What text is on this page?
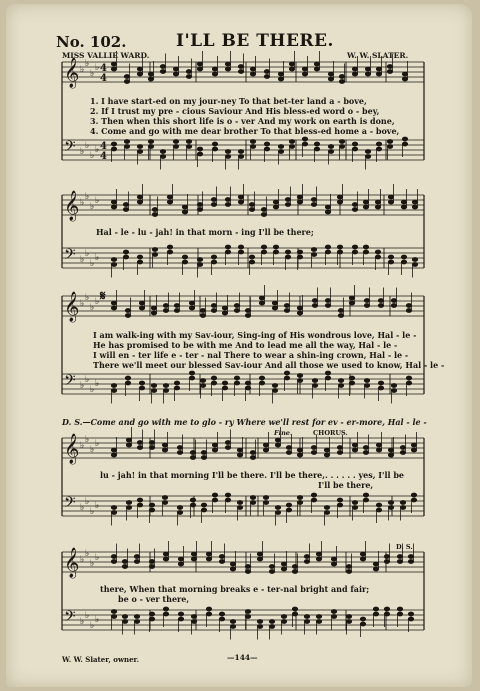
No. 102.	I'LL BE THERE.
MISS VALLIE WARD.	W. W. SLATER.
𝄞
𝄢
♭
♭
♭
♭
♭
♭
♭
♭
4
4
4
4
𝄞
𝄢
♭
♭
♭
♭
♭
♭
♭
♭
𝄞
𝄢
♭
♭
♭
♭
♭
♭
♭
♭
𝄞
𝄢
♭
♭
♭
♭
♭
♭
♭
♭
𝄞
𝄢
♭
♭
♭
♭
♭
♭
♭
♭
1. I have start-ed on my jour-ney To that bet-ter land a - bove,
2. If I trust my pre - cious Saviour And His bless-ed word o - bey,
3. Then when this short life is o - ver And my work on earth is done,
4. Come and go with me dear brother To that bless-ed home a - bove,
Hal - le - lu - jah! in that morn - ing I'll be there;
𝄋
I am walk-ing with my Sav-iour, Sing-ing of His wondrous love, Hal - le -
He has promised to be with me And to lead me all the way, Hal - le -
I will en - ter life e - ter - nal There to wear a shin-ing crown, Hal - le -
There we'll meet our blessed Sav-iour And all those we used to know, Hal - le -
D. S.—Come and go with me to glo - ry Where we'll rest for ev - er-more, Hal - le -
Fine.	CHORUS.
lu - jah! in that morning I'll be there. I'll be there,. . . . . . yes, I'll be
I'll be there,
D. S.
there, When that morning breaks e - ter-nal bright and fair;
be o - ver there,
W. W. Slater, owner.	—144—
